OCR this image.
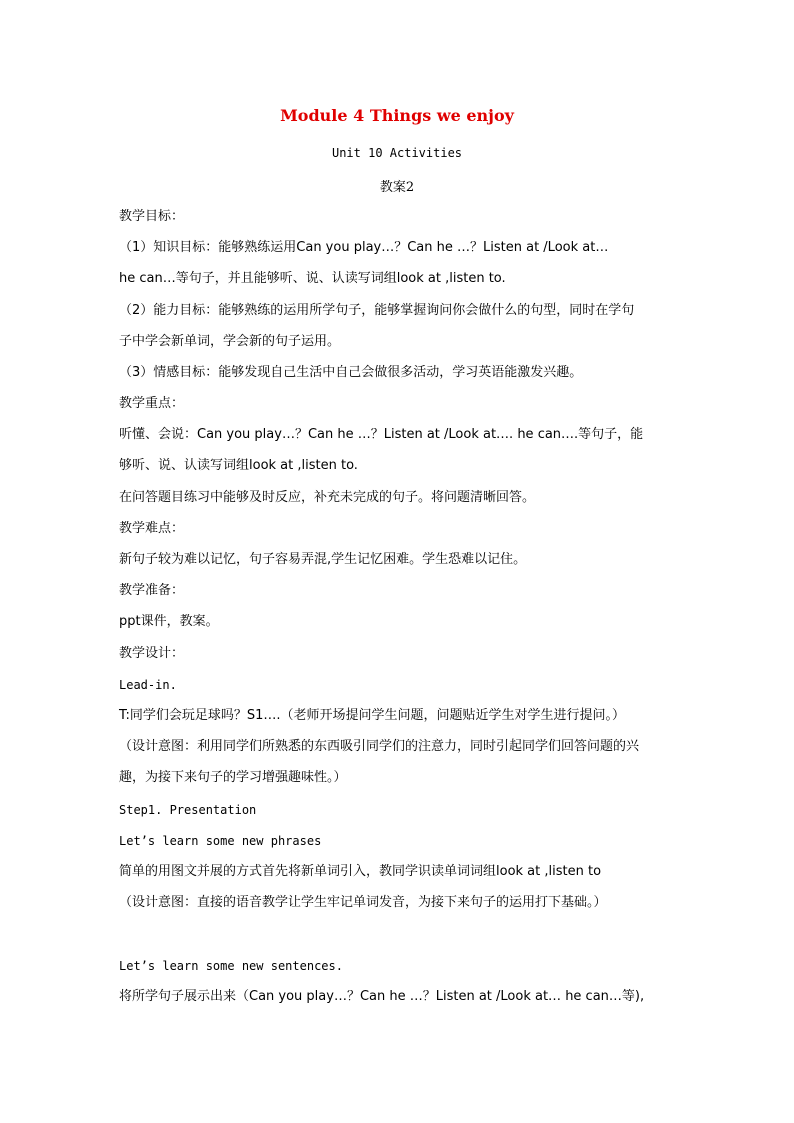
Module 4 Things we enjoy
Unit 10 Activities
教案2
教学目标：
（1）知识目标：能够熟练运用Can you play…？Can he …？Listen at /Look at…
he can…等句子，并且能够听、说、认读写词组look at ,listen to.
（2）能力目标：能够熟练的运用所学句子，能够掌握询问你会做什么的句型，同时在学句
子中学会新单词，学会新的句子运用。
（3）情感目标：能够发现自己生活中自己会做很多活动，学习英语能激发兴趣。
教学重点：
听懂、会说：Can you play…？Can he …？Listen at /Look at…. he can….等句子，能
够听、说、认读写词组look at ,listen to.
在问答题目练习中能够及时反应，补充未完成的句子。将问题清晰回答。
教学难点：
新句子较为难以记忆，句子容易弄混,学生记忆困难。学生恐难以记住。
教学准备：
ppt课件，教案。
教学设计：
Lead-in.
T:同学们会玩足球吗？S1….（老师开场提问学生问题，问题贴近学生对学生进行提问。）
（设计意图：利用同学们所熟悉的东西吸引同学们的注意力，同时引起同学们回答问题的兴
趣，为接下来句子的学习增强趣味性。）
Step1. Presentation
Let’s learn some new phrases
简单的用图文并展的方式首先将新单词引入，教同学识读单词词组look at ,listen to
（设计意图：直接的语音教学让学生牢记单词发音，为接下来句子的运用打下基础。）
Let’s learn some new sentences.
将所学句子展示出来（Can you play…？Can he …？Listen at /Look at… he can…等),
